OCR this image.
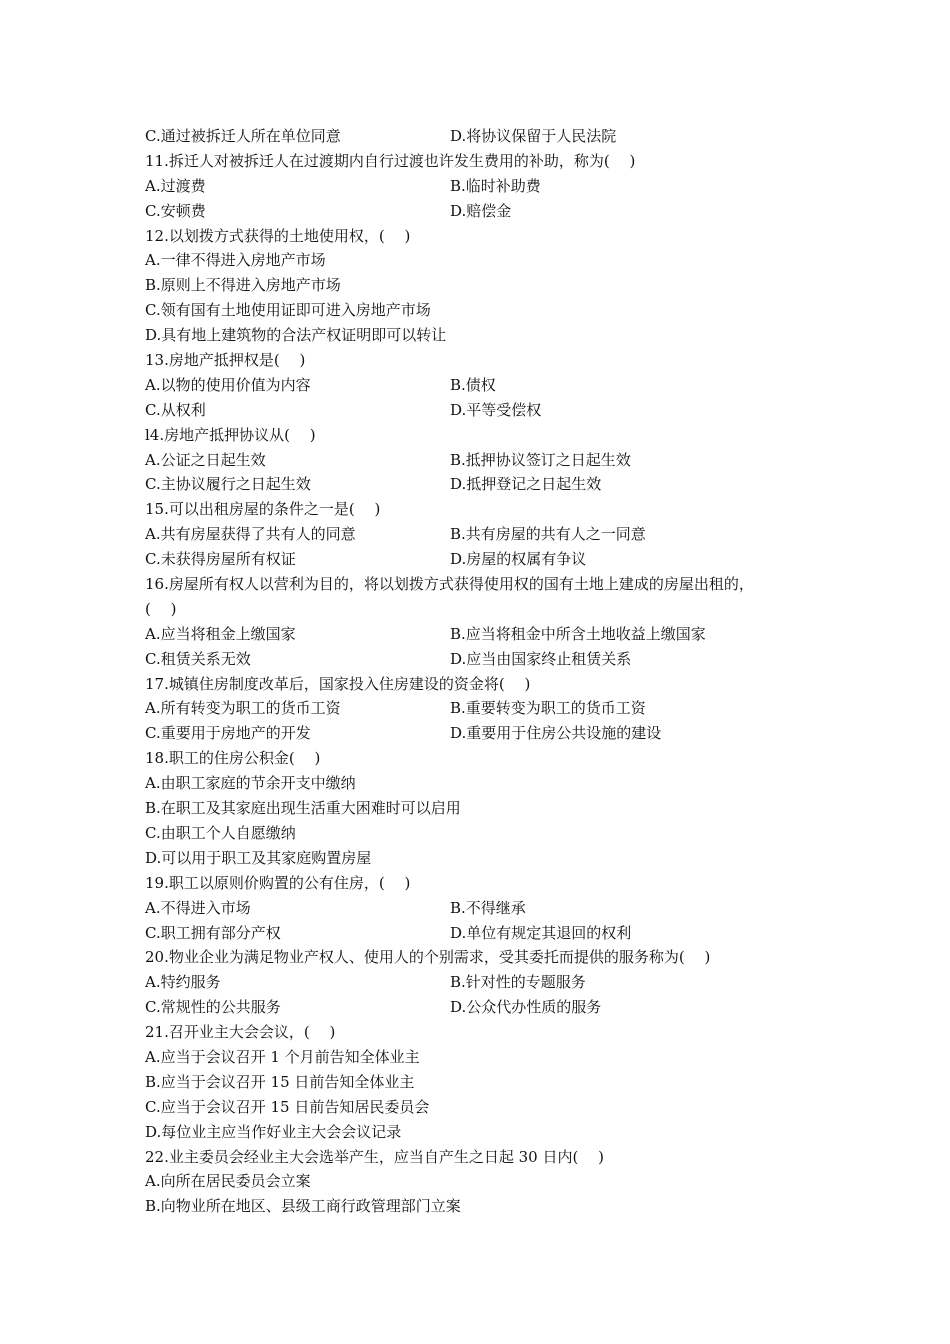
C.通过被拆迁人所在单位同意	D.将协议保留于人民法院
11.拆迁人对被拆迁人在过渡期内自行过渡也许发生费用的补助，称为(　 )
A.过渡费	B.临时补助费
C.安顿费	D.赔偿金
12.以划拨方式获得的土地使用权，(　 )
A.一律不得进入房地产市场
B.原则上不得进入房地产市场
C.领有国有土地使用证即可进入房地产市场
D.具有地上建筑物的合法产权证明即可以转让
13.房地产抵押权是(　 )
A.以物的使用价值为内容	B.债权
C.从权利	D.平等受偿权
l4.房地产抵押协议从(　 )
A.公证之日起生效	B.抵押协议签订之日起生效
C.主协议履行之日起生效	D.抵押登记之日起生效
15.可以出租房屋的条件之一是(　 )
A.共有房屋获得了共有人的同意	B.共有房屋的共有人之一同意
C.未获得房屋所有权证	D.房屋的权属有争议
16.房屋所有权人以营利为目的，将以划拨方式获得使用权的国有土地上建成的房屋出租的，
(　 )
A.应当将租金上缴国家	B.应当将租金中所含土地收益上缴国家
C.租赁关系无效	D.应当由国家终止租赁关系
17.城镇住房制度改革后，国家投入住房建设的资金将(　 )
A.所有转变为职工的货币工资	B.重要转变为职工的货币工资
C.重要用于房地产的开发	D.重要用于住房公共设施的建设
18.职工的住房公积金(　 )
A.由职工家庭的节余开支中缴纳
B.在职工及其家庭出现生活重大困难时可以启用
C.由职工个人自愿缴纳
D.可以用于职工及其家庭购置房屋
19.职工以原则价购置的公有住房，(　 )
A.不得进入市场	B.不得继承
C.职工拥有部分产权	D.单位有规定其退回的权利
20.物业企业为满足物业产权人、使用人的个别需求，受其委托而提供的服务称为(　 )
A.特约服务	B.针对性的专题服务
C.常规性的公共服务	D.公众代办性质的服务
21.召开业主大会会议，(　 )
A.应当于会议召开 1 个月前告知全体业主
B.应当于会议召开 15 日前告知全体业主
C.应当于会议召开 15 日前告知居民委员会
D.每位业主应当作好业主大会会议记录
22.业主委员会经业主大会选举产生，应当自产生之日起 30 日内(　 )
A.向所在居民委员会立案
B.向物业所在地区、县级工商行政管理部门立案
